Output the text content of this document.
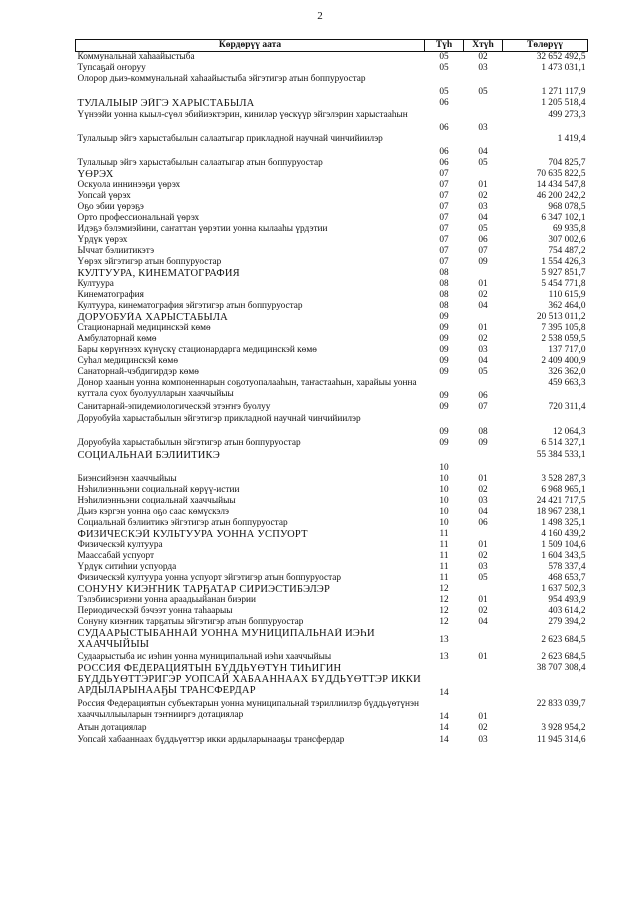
2
Көрдөрүү аата	Түһ	Хтүһ	Төлөрүү
Коммунальнай хаһаайыстыба	05	02	32 652 492,5
Тупсаҕай оҥоруу	05	03	1 473 031,1
Олорор дьиэ-коммунальнай хаһаайыстыба эйгэтигэр атын боппуруостар	05	05	1 271 117,9
ТУЛАЛЫЫР ЭЙГЭ ХАРЫСТАБЫЛА	06		1 205 518,4
Үүнээйи уонна кыыл-сүөл эбийиэктэрин, киниләр үөскүүр эйгэлэрин харыстааһын	06	03	499 273,3
Тулалыыр эйгэ харыстабылын салаатыгар прикладной научнай чинчийиилэр	06	04	1 419,4
Тулалыыр эйгэ харыстабылын салаатыгар атын боппуруостар	06	05	704 825,7
ҮӨРЭХ	07		70 635 822,5
Оскуола иннинээҕи үөрэх	07	01	14 434 547,8
Уопсай үөрэх	07	02	46 200 242,2
Оҕо эбии үөрэҕэ	07	03	968 078,5
Орто профессиональнай үөрэх	07	04	6 347 102,1
Идэҕэ бэлэмиэйини, саҥаттан үөрэтии уонна кылааһы үрдэтии	07	05	69 935,8
Үрдүк үөрэх	07	06	307 002,6
Ыччат бэлиитикэтэ	07	07	754 487,2
Үөрэх эйгэтигэр атын боппуруостар	07	09	1 554 426,3
КУЛТУУРА, КИНЕМАТОГРАФИЯ	08		5 927 851,7
Култуура	08	01	5 454 771,8
Кинематография	08	02	110 615,9
Култуура, кинематография эйгэтигэр атын боппуруостар	08	04	362 464,0
ДОРУОБУЙА ХАРЫСТАБЫЛА	09		20 513 011,2
Стационарнай медицинскэй көмө	09	01	7 395 105,8
Амбулаторнай көмө	09	02	2 538 059,5
Бары көрүҥнээх күнүскү стационардарга медицинскэй көмө	09	03	137 717,0
Суһал медицинскэй көмө	09	04	2 409 400,9
Санаторнай-чэбдигирдэр көмө	09	05	326 362,0
Донор хаанын уонна компоненнарын соҕотуопалааһын, таҥастааһын, харайыы уонна куттала суох буолуулларын хааччыйыы	09	06	459 663,3
Санитарнай-эпидемиологическэй этэҥҥэ буолуу	09	07	720 311,4
Доруобуйа харыстабылын эйгэтигэр прикладной научнай чинчийиилэр	09	08	12 064,3
Доруобуйа харыстабылын эйгэтигэр атын боппуруостар	09	09	6 514 327,1
СОЦИАЛЬНАЙ БЭЛИИТИКЭ	10		55 384 533,1
Биэнсийэнэн хааччыйыы	10	01	3 528 287,3
Нэһилиэнньэни социальнай көрүү-истии	10	02	6 968 965,1
Нэһилиэнньэни социальнай хааччыйыы	10	03	24 421 717,5
Дьиэ кэргэн уонна оҕо саас көмүскэлэ	10	04	18 967 238,1
Социальнай бэлиитикэ эйгэтигэр атын боппуруостар	10	06	1 498 325,1
ФИЗИЧЕСКЭЙ КУЛЬТУУРА УОННА УСПУОРТ	11		4 160 439,2
Физическэй култуура	11	01	1 509 104,6
Маассабай успуорт	11	02	1 604 343,5
Үрдүк ситиһии успуорда	11	03	578 337,4
Физическэй култуура уонна успуорт эйгэтигэр атын боппуруостар	11	05	468 653,7
СОНУНУ КИЭҤНИК ТАРҔАТАР СИРИЭСТИБЭЛЭР	12		1 637 502,3
Тэлэбиисэриэни уонна араадьыйанан биэрии	12	01	954 493,9
Периодическэй бэчээт уонна таһаарыы	12	02	403 614,2
Сонуну киэҥник тарҕатыы эйгэтигэр атын боппуруостар	12	04	279 394,2
СУДААРЫСТЫБАННАЙ УОННА МУНИЦИПАЛЬНАЙ ИЭҺИ ХААЧЧЫЙЫЫ	13		2 623 684,5
Судаарыстыба ис иэһин уонна муниципальнай иэһи хааччыйыы	13	01	2 623 684,5
РОССИЯ ФЕДЕРАЦИЯТЫН БҮДДЬҮӨТҮН ТИҺИГИН БҮДДЬҮӨТТЭРИГЭР УОПСАЙ ХАБААННААХ БҮДДЬҮӨТТЭР ИККИ АРДЫЛАРЫНААҔЫ ТРАНСФЕРДАР	14		38 707 308,4
Россия Федерациятын субъектарын уонна муниципальнай тэриллиилэр бүддьүөтүнэн хааччыллыыларын тэҥнииргэ дотациялар	14	01	22 833 039,7
Атын дотациялар	14	02	3 928 954,2
Уопсай хабааннаах бүддьүөттэр икки ардыларынааҕы трансфердар	14	03	11 945 314,6
